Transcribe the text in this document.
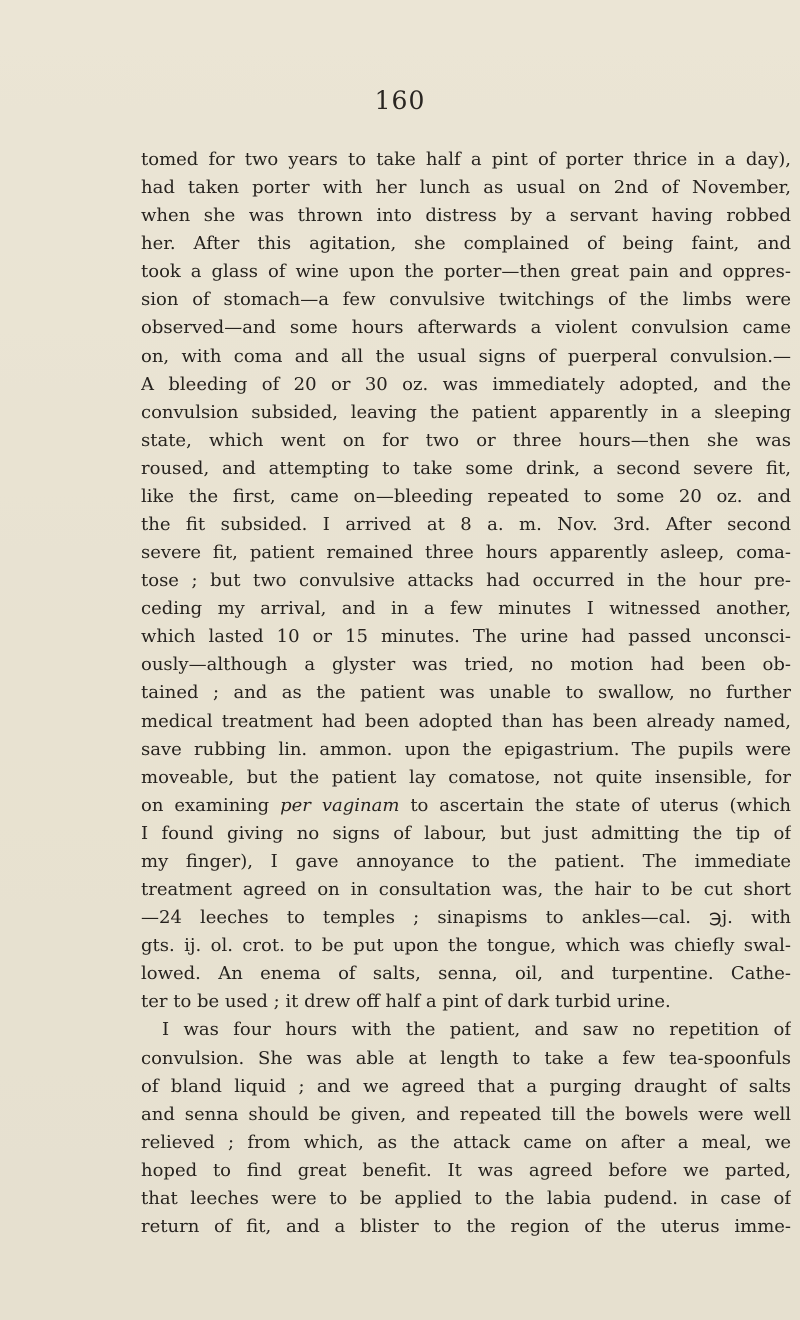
160
tomed for two years to take half a pint of porter thrice in a day),
had taken porter with her lunch as usual on 2nd of November,
when she was thrown into distress by a servant having robbed
her. After this agitation, she complained of being faint, and
took a glass of wine upon the porter—then great pain and oppres-
sion of stomach—a few convulsive twitchings of the limbs were
observed—and some hours afterwards a violent convulsion came
on, with coma and all the usual signs of puerperal convulsion.—
A bleeding of 20 or 30 oz. was immediately adopted, and the
convulsion subsided, leaving the patient apparently in a sleeping
state, which went on for two or three hours—then she was
roused, and attempting to take some drink, a second severe fit,
like the first, came on—bleeding repeated to some 20 oz. and
the fit subsided. I arrived at 8 a. m. Nov. 3rd. After second
severe fit, patient remained three hours apparently asleep, coma-
tose ; but two convulsive attacks had occurred in the hour pre-
ceding my arrival, and in a few minutes I witnessed another,
which lasted 10 or 15 minutes. The urine had passed unconsci-
ously—although a glyster was tried, no motion had been ob-
tained ; and as the patient was unable to swallow, no further
medical treatment had been adopted than has been already named,
save rubbing lin. ammon. upon the epigastrium. The pupils were
moveable, but the patient lay comatose, not quite insensible, for
on examining per vaginam to ascertain the state of uterus (which
I found giving no signs of labour, but just admitting the tip of
my finger), I gave annoyance to the patient. The immediate
treatment agreed on in consultation was, the hair to be cut short
—24 leeches to temples ; sinapisms to ankles—cal. ℈j. with
gts. ij. ol. crot. to be put upon the tongue, which was chiefly swal-
lowed. An enema of salts, senna, oil, and turpentine. Cathe-
ter to be used ; it drew off half a pint of dark turbid urine.
I was four hours with the patient, and saw no repetition of
convulsion. She was able at length to take a few tea-spoonfuls
of bland liquid ; and we agreed that a purging draught of salts
and senna should be given, and repeated till the bowels were well
relieved ; from which, as the attack came on after a meal, we
hoped to find great benefit. It was agreed before we parted,
that leeches were to be applied to the labia pudend. in case of
return of fit, and a blister to the region of the uterus imme-
